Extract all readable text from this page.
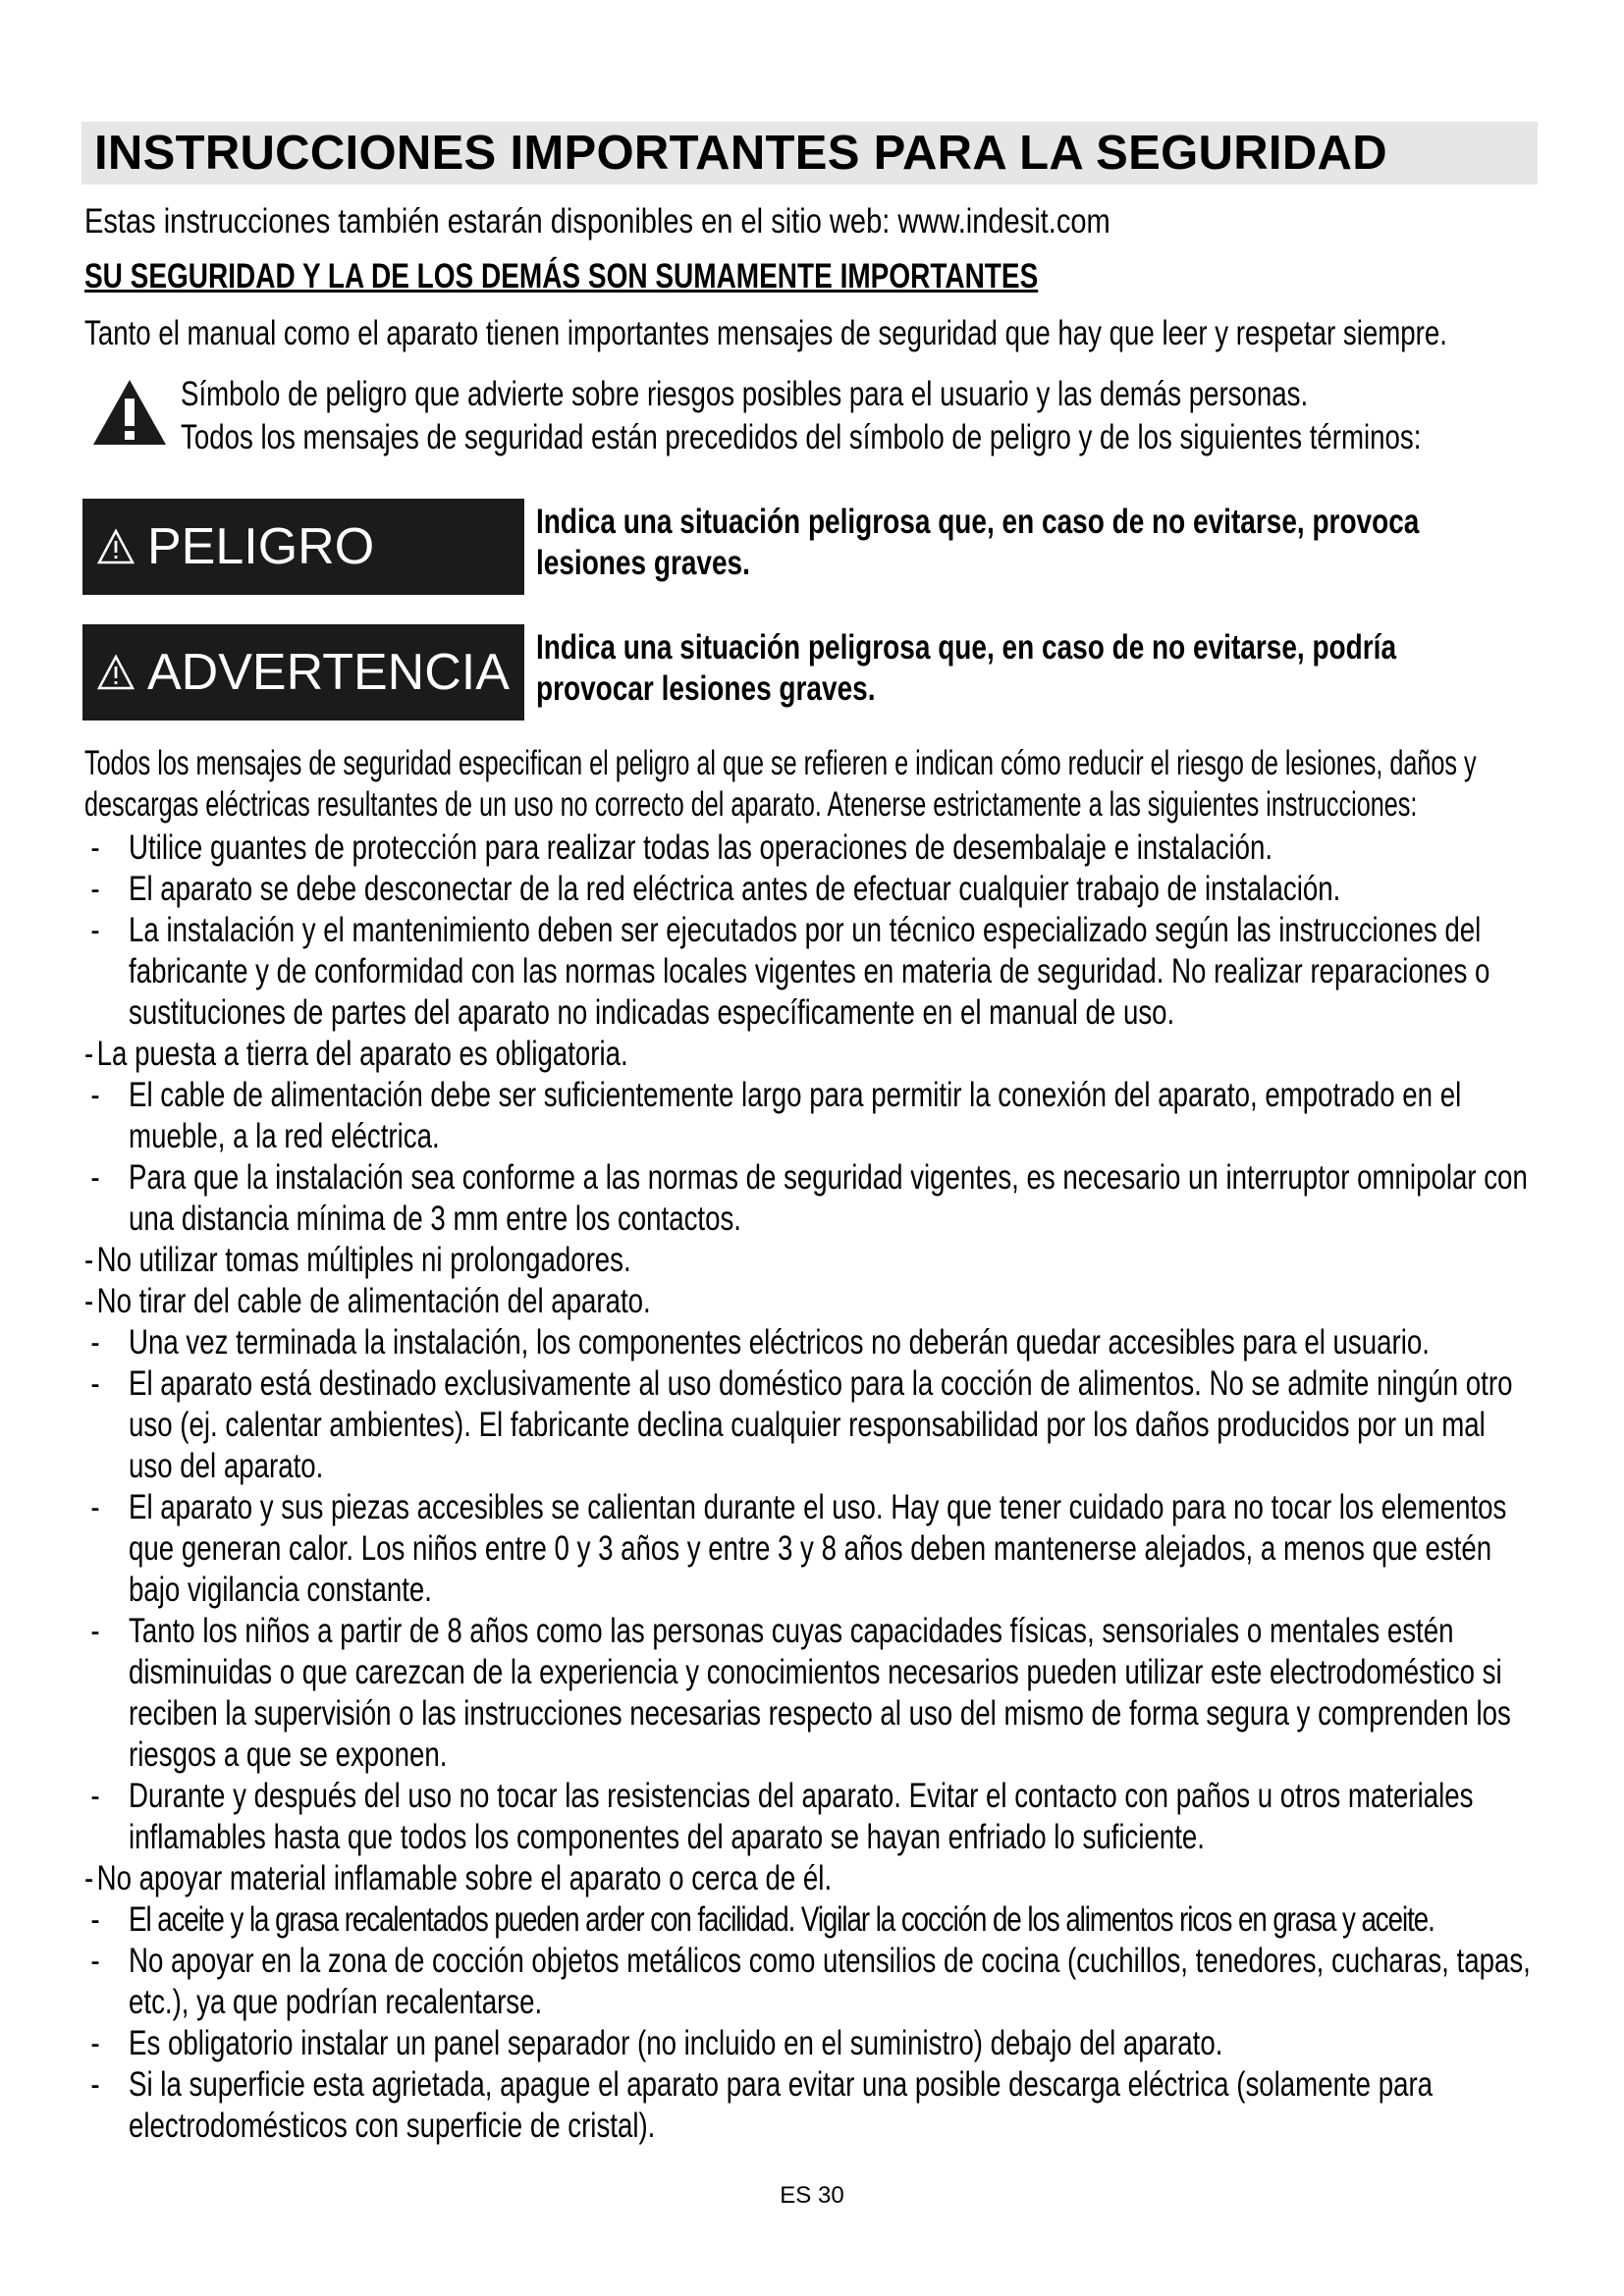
INSTRUCCIONES IMPORTANTES PARA LA SEGURIDAD
Estas instrucciones también estarán disponibles en el sitio web: www.indesit.com
SU SEGURIDAD Y LA DE LOS DEMÁS SON SUMAMENTE IMPORTANTES
Tanto el manual como el aparato tienen importantes mensajes de seguridad que hay que leer y respetar siempre.
Símbolo de peligro que advierte sobre riesgos posibles para el usuario y las demás personas.
Todos los mensajes de seguridad están precedidos del símbolo de peligro y de los siguientes términos:
PELIGRO	Indica una situación peligrosa que, en caso de no evitarse, provoca lesiones graves.
ADVERTENCIA Indica una situación peligrosa que, en caso de no evitarse, podría provocar lesiones graves.
Todos los mensajes de seguridad especifican el peligro al que se refieren e indican cómo reducir el riesgo de lesiones, daños y descargas eléctricas resultantes de un uso no correcto del aparato. Atenerse estrictamente a las siguientes instrucciones:
- Utilice guantes de protección para realizar todas las operaciones de desembalaje e instalación.
- El aparato se debe desconectar de la red eléctrica antes de efectuar cualquier trabajo de instalación.
- La instalación y el mantenimiento deben ser ejecutados por un técnico especializado según las instrucciones del fabricante y de conformidad con las normas locales vigentes en materia de seguridad. No realizar reparaciones o sustituciones de partes del aparato no indicadas específicamente en el manual de uso.
- La puesta a tierra del aparato es obligatoria.
- El cable de alimentación debe ser suficientemente largo para permitir la conexión del aparato, empotrado en el mueble, a la red eléctrica.
- Para que la instalación sea conforme a las normas de seguridad vigentes, es necesario un interruptor omnipolar con una distancia mínima de 3 mm entre los contactos.
- No utilizar tomas múltiples ni prolongadores.
- No tirar del cable de alimentación del aparato.
- Una vez terminada la instalación, los componentes eléctricos no deberán quedar accesibles para el usuario.
- El aparato está destinado exclusivamente al uso doméstico para la cocción de alimentos. No se admite ningún otro uso (ej. calentar ambientes). El fabricante declina cualquier responsabilidad por los daños producidos por un mal uso del aparato.
- El aparato y sus piezas accesibles se calientan durante el uso. Hay que tener cuidado para no tocar los elementos que generan calor. Los niños entre 0 y 3 años y entre 3 y 8 años deben mantenerse alejados, a menos que estén bajo vigilancia constante.
- Tanto los niños a partir de 8 años como las personas cuyas capacidades físicas, sensoriales o mentales estén disminuidas o que carezcan de la experiencia y conocimientos necesarios pueden utilizar este electrodoméstico si reciben la supervisión o las instrucciones necesarias respecto al uso del mismo de forma segura y comprenden los riesgos a que se exponen.
- Durante y después del uso no tocar las resistencias del aparato. Evitar el contacto con paños u otros materiales inflamables hasta que todos los componentes del aparato se hayan enfriado lo suficiente.
- No apoyar material inflamable sobre el aparato o cerca de él.
- El aceite y la grasa recalentados pueden arder con facilidad. Vigilar la cocción de los alimentos ricos en grasa y aceite.
- No apoyar en la zona de cocción objetos metálicos como utensilios de cocina (cuchillos, tenedores, cucharas, tapas, etc.), ya que podrían recalentarse.
- Es obligatorio instalar un panel separador (no incluido en el suministro) debajo del aparato.
- Si la superficie esta agrietada, apague el aparato para evitar una posible descarga eléctrica (solamente para electrodomésticos con superficie de cristal).
ES 30
